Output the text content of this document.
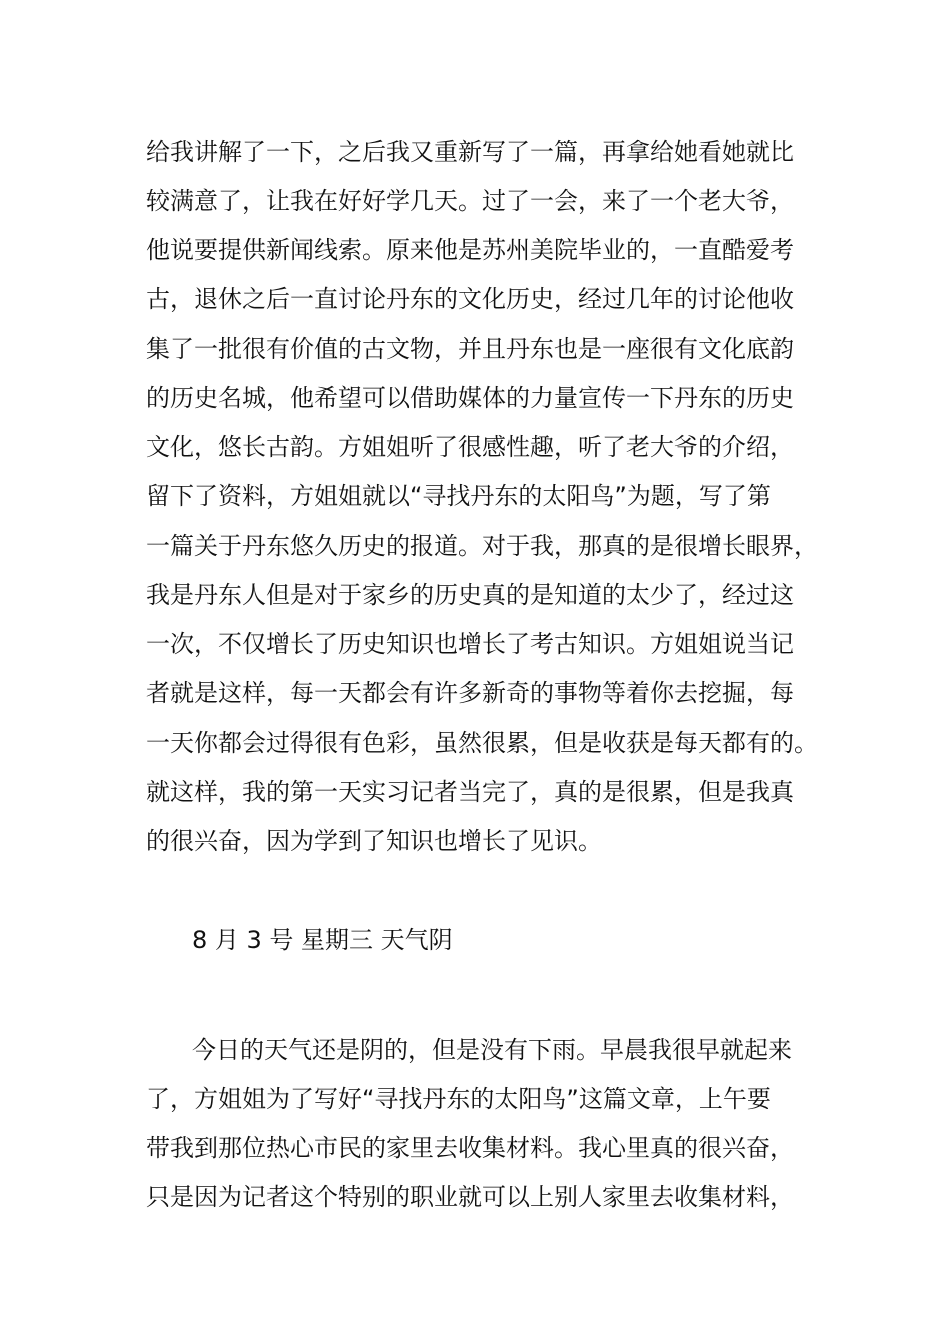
给我讲解了一下，之后我又重新写了一篇，再拿给她看她就比
较满意了，让我在好好学几天。过了一会，来了一个老大爷，
他说要提供新闻线索。原来他是苏州美院毕业的，一直酷爱考
古，退休之后一直讨论丹东的文化历史，经过几年的讨论他收
集了一批很有价值的古文物，并且丹东也是一座很有文化底韵
的历史名城，他希望可以借助媒体的力量宣传一下丹东的历史
文化，悠长古韵。方姐姐听了很感性趣，听了老大爷的介绍，
留下了资料，方姐姐就以“寻找丹东的太阳鸟”为题，写了第
一篇关于丹东悠久历史的报道。对于我，那真的是很增长眼界，
我是丹东人但是对于家乡的历史真的是知道的太少了，经过这
一次，不仅增长了历史知识也增长了考古知识。方姐姐说当记
者就是这样，每一天都会有许多新奇的事物等着你去挖掘，每
一天你都会过得很有色彩，虽然很累，但是收获是每天都有的。
就这样，我的第一天实习记者当完了，真的是很累，但是我真
的很兴奋，因为学到了知识也增长了见识。
8 月 3 号 星期三 天气阴
今日的天气还是阴的，但是没有下雨。早晨我很早就起来
了，方姐姐为了写好“寻找丹东的太阳鸟”这篇文章，上午要
带我到那位热心市民的家里去收集材料。我心里真的很兴奋，
只是因为记者这个特别的职业就可以上别人家里去收集材料，
